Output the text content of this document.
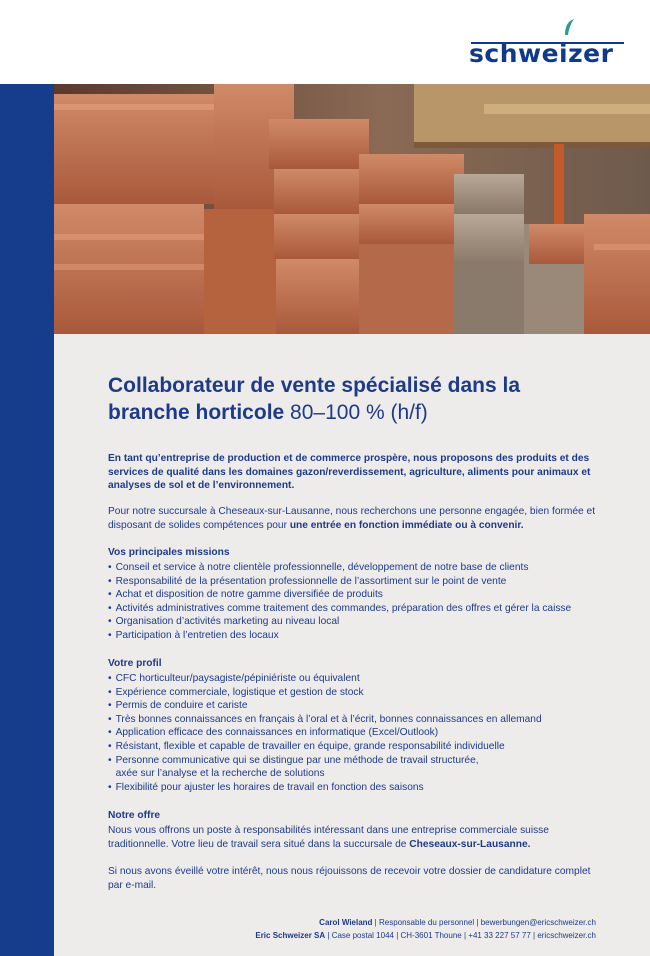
schweizer
Collaborateur de vente spécialisé dans la branche horticole 80–100 % (h/f)
En tant qu’entreprise de production et de commerce prospère, nous proposons des produits et des services de qualité dans les domaines gazon/reverdissement, agriculture, aliments pour animaux et analyses de sol et de l’environnement.
Pour notre succursale à Cheseaux-sur-Lausanne, nous recherchons une personne engagée, bien formée et disposant de solides compétences pour une entrée en fonction immédiate ou à convenir.
Vos principales missions
• Conseil et service à notre clientèle professionnelle, développement de notre base de clients
• Responsabilité de la présentation professionnelle de l’assortiment sur le point de vente
• Achat et disposition de notre gamme diversifiée de produits
• Activités administratives comme traitement des commandes, préparation des offres et gérer la caisse
• Organisation d’activités marketing au niveau local
• Participation à l’entretien des locaux
Votre profil
• CFC horticulteur/paysagiste/pépiniériste ou équivalent
• Expérience commerciale, logistique et gestion de stock
• Permis de conduire et cariste
• Très bonnes connaissances en français à l’oral et à l’écrit, bonnes connaissances en allemand
• Application efficace des connaissances en informatique (Excel/Outlook)
• Résistant, flexible et capable de travailler en équipe, grande responsabilité individuelle
• Personne communicative qui se distingue par une méthode de travail structurée,
axée sur l’analyse et la recherche de solutions
• Flexibilité pour ajuster les horaires de travail en fonction des saisons
Notre offre
Nous vous offrons un poste à responsabilités intéressant dans une entreprise commerciale suisse traditionnelle. Votre lieu de travail sera situé dans la succursale de Cheseaux-sur-Lausanne.
Si nous avons éveillé votre intérêt, nous nous réjouissons de recevoir votre dossier de candidature complet par e-mail.
Carol Wieland | Responsable du personnel | bewerbungen@ericschweizer.ch
Eric Schweizer SA | Case postal 1044 | CH-3601 Thoune | +41 33 227 57 77 | ericschweizer.ch
